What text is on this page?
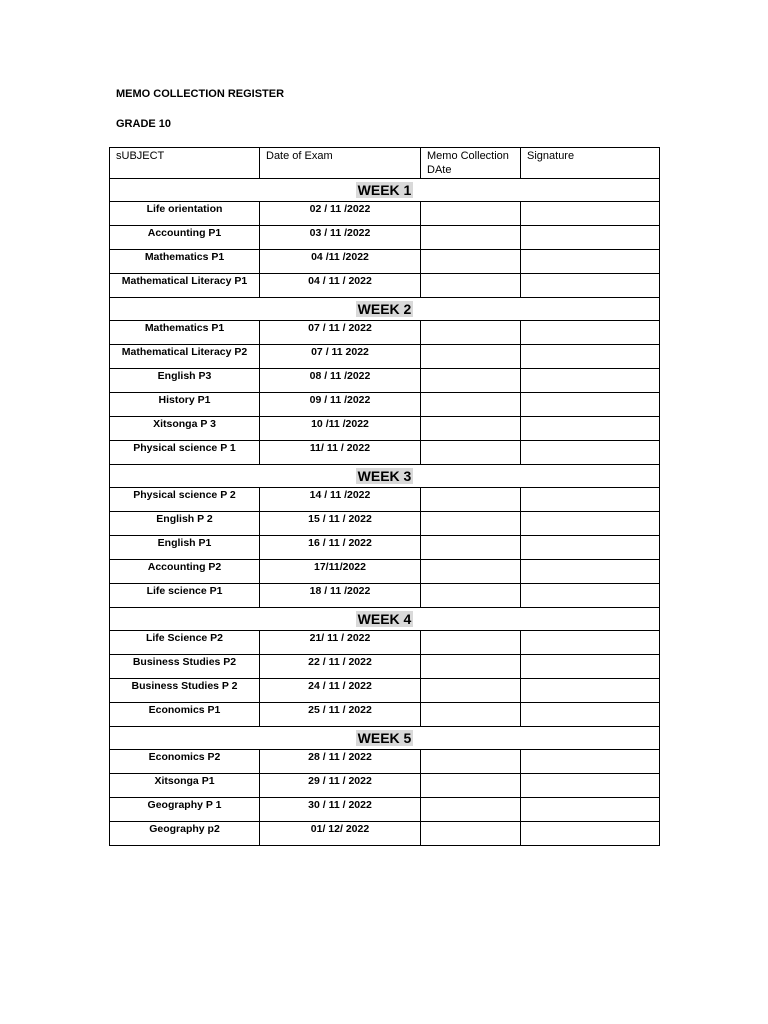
MEMO COLLECTION REGISTER
GRADE 10
sUBJECT	Date of Exam	Memo Collection DAte	Signature
WEEK 1			
Life orientation	02 / 11 /2022		
Accounting P1	03 / 11 /2022		
Mathematics P1	04 /11 /2022		
Mathematical Literacy P1	04 / 11 / 2022		
WEEK 2			
Mathematics P1	07 / 11 / 2022		
Mathematical Literacy P2	07 / 11 2022		
English P3	08 / 11 /2022		
History P1	09 / 11 /2022		
Xitsonga P 3	10 /11 /2022		
Physical science P 1	11/ 11 / 2022		
WEEK 3			
Physical science P 2	14 / 11 /2022		
English P 2	15 / 11 / 2022		
English P1	16 / 11 / 2022		
Accounting P2	17/11/2022		
Life science P1	18 / 11 /2022		
WEEK 4			
Life Science P2	21/ 11 / 2022		
Business Studies P2	22 / 11 / 2022		
Business Studies P 2	24 / 11 / 2022		
Economics P1	25 / 11 / 2022		
WEEK 5			
Economics P2	28 / 11 / 2022		
Xitsonga P1	29 / 11 / 2022		
Geography P 1	30 / 11 / 2022		
Geography p2	01/ 12/ 2022		
